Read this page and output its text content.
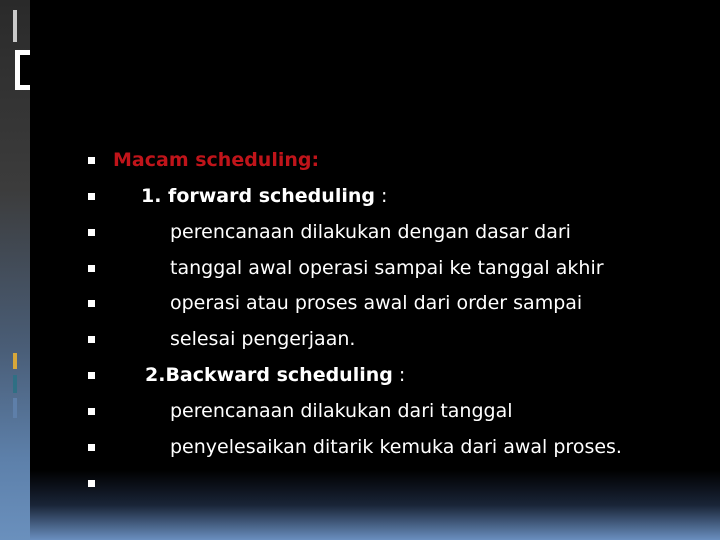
Macam scheduling:
1. forward scheduling :
perencanaan dilakukan dengan dasar dari
tanggal awal operasi sampai ke tanggal akhir
operasi atau proses awal dari order sampai
selesai pengerjaan.
2.Backward scheduling :
perencanaan dilakukan dari tanggal
penyelesaikan ditarik kemuka dari awal proses.
